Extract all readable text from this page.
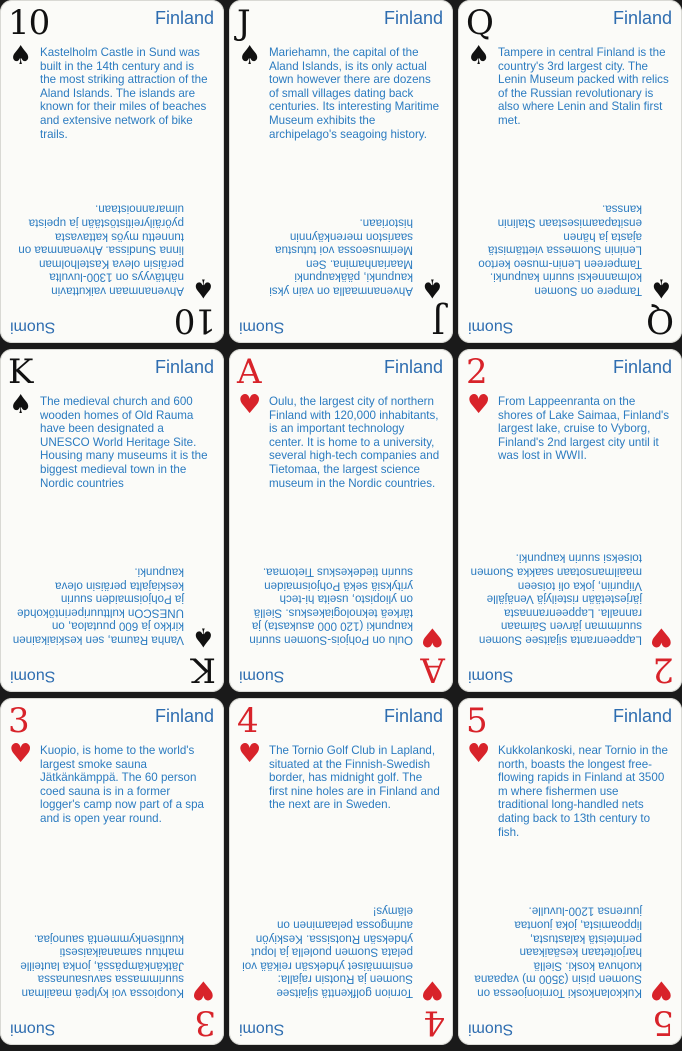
10
♠
Finland
Kastelholm Castle in Sund was built in the 14th century and is the most striking attraction of the Aland Islands. The islands are known for their miles of beaches and extensive network of bike trails.
10
♠
Suomi
Ahvenanmaan vaikuttavin nähtävyys on 1300-luvulta peräisin oleva Kastelholman linna Sundissa. Ahvenanmaa on tunnettu myös kattavasta pyöräilyreitistöstään ja upeista uimarannoistaan.
J
♠
Finland
Mariehamn, the capital of the Aland Islands, is its only actual town however there are dozens of small villages dating back centuries. Its interesting Maritime Museum exhibits the archipelago's seagoing history.
J
♠
Suomi
Ahvenanmaalla on vain yksi kaupunki, pääkaupunki Maarianhamina. Sen Merimuseossa voi tutustua saariston merenkäynnin historiaan.
Q
♠
Finland
Tampere in central Finland is the country's 3rd largest city. The Lenin Museum packed with relics of the Russian revolutionary is also where Lenin and Stalin first met.
Q
♠
Suomi
Tampere on Suomen kolmanneksi suurin kaupunki. Tampereen Lenin-museo kertoo Leninin Suomessa viettämistä ajasta ja hänen ensitapaamisestaan Stalinin kanssa.
K
♠
Finland
The medieval church and 600 wooden homes of Old Rauma have been designated a UNESCO World Heritage Site. Housing many museums it is the biggest medieval town in the Nordic countries
K
♠
Suomi
Vanha Rauma, sen keskiaikainen kirkko ja 600 puutaloa, on UNESCOn kulttuuriperintökohde ja Pohjoismaiden suurin keskiajalta peräisin oleva kaupunki.
A
♥
Finland
Oulu, the largest city of northern Finland with 120,000 inhabitants, is an important technology center. It is home to a university, several high-tech companies and Tietomaa, the largest science museum in the Nordic countries.
A
♥
Suomi
Oulu on Pohjois-Suomen suurin kaupunki (120 000 asukasta) ja tärkeä teknologiakeskus. Siellä on yliopisto, useita hi-tech yrityksiä sekä Pohjoismaiden suurin tiedekeskus Tietomaa.
2
♥
Finland
From Lappeenranta on the shores of Lake Saimaa, Finland's largest lake, cruise to Vyborg, Finland's 2nd largest city until it was lost in WWII.
2
♥
Suomi
Lappeenranta sijaitsee Suomen suurimman järven Saimaan rannalla. Lappeenrannasta järjestetään risteilyjä Venäjälle Viipuriin, joka oli toiseen maailmansotaan saakka Suomen toiseksi suurin kaupunki.
3
♥
Finland
Kuopio, is home to the world's largest smoke sauna Jätkänkämppä. The 60 person coed sauna is in a former logger's camp now part of a spa and is open year round.
3
♥
Suomi
Kuopiossa voi kylpeä maailman suurimmassa savusaunassa Jätkänkämpässä, jonka lauteille mahtuu samanaikaisesti kuutisenkymmentä saunojaa.
4
♥
Finland
The Tornio Golf Club in Lapland, situated at the Finnish-Swedish border, has midnight golf. The first nine holes are in Finland and the next are in Sweden.
4
♥
Suomi
Tornion golfkenttä sijaitsee Suomen ja Ruotsin rajalla: ensimmäiset yhdeksän reikää voi pelata Suomen puolella ja loput yhdeksän Ruotsissa. Keskiyön auringossa pelaaminen on elämys!
5
♥
Finland
Kukkolankoski, near Tornio in the north, boasts the longest free-flowing rapids in Finland at 3500 m where fishermen use traditional long-handled nets dating back to 13th century to fish.
5
♥
Suomi
Kukkolankoski Tornionjoessa on Suomen pisin (3500 m) vapaana kuohuva koski. Siellä harjoitetaan kesäaikaan perinteistä kalastusta, lippoamista, joka juontaa juurensa 1200-luvulle.
